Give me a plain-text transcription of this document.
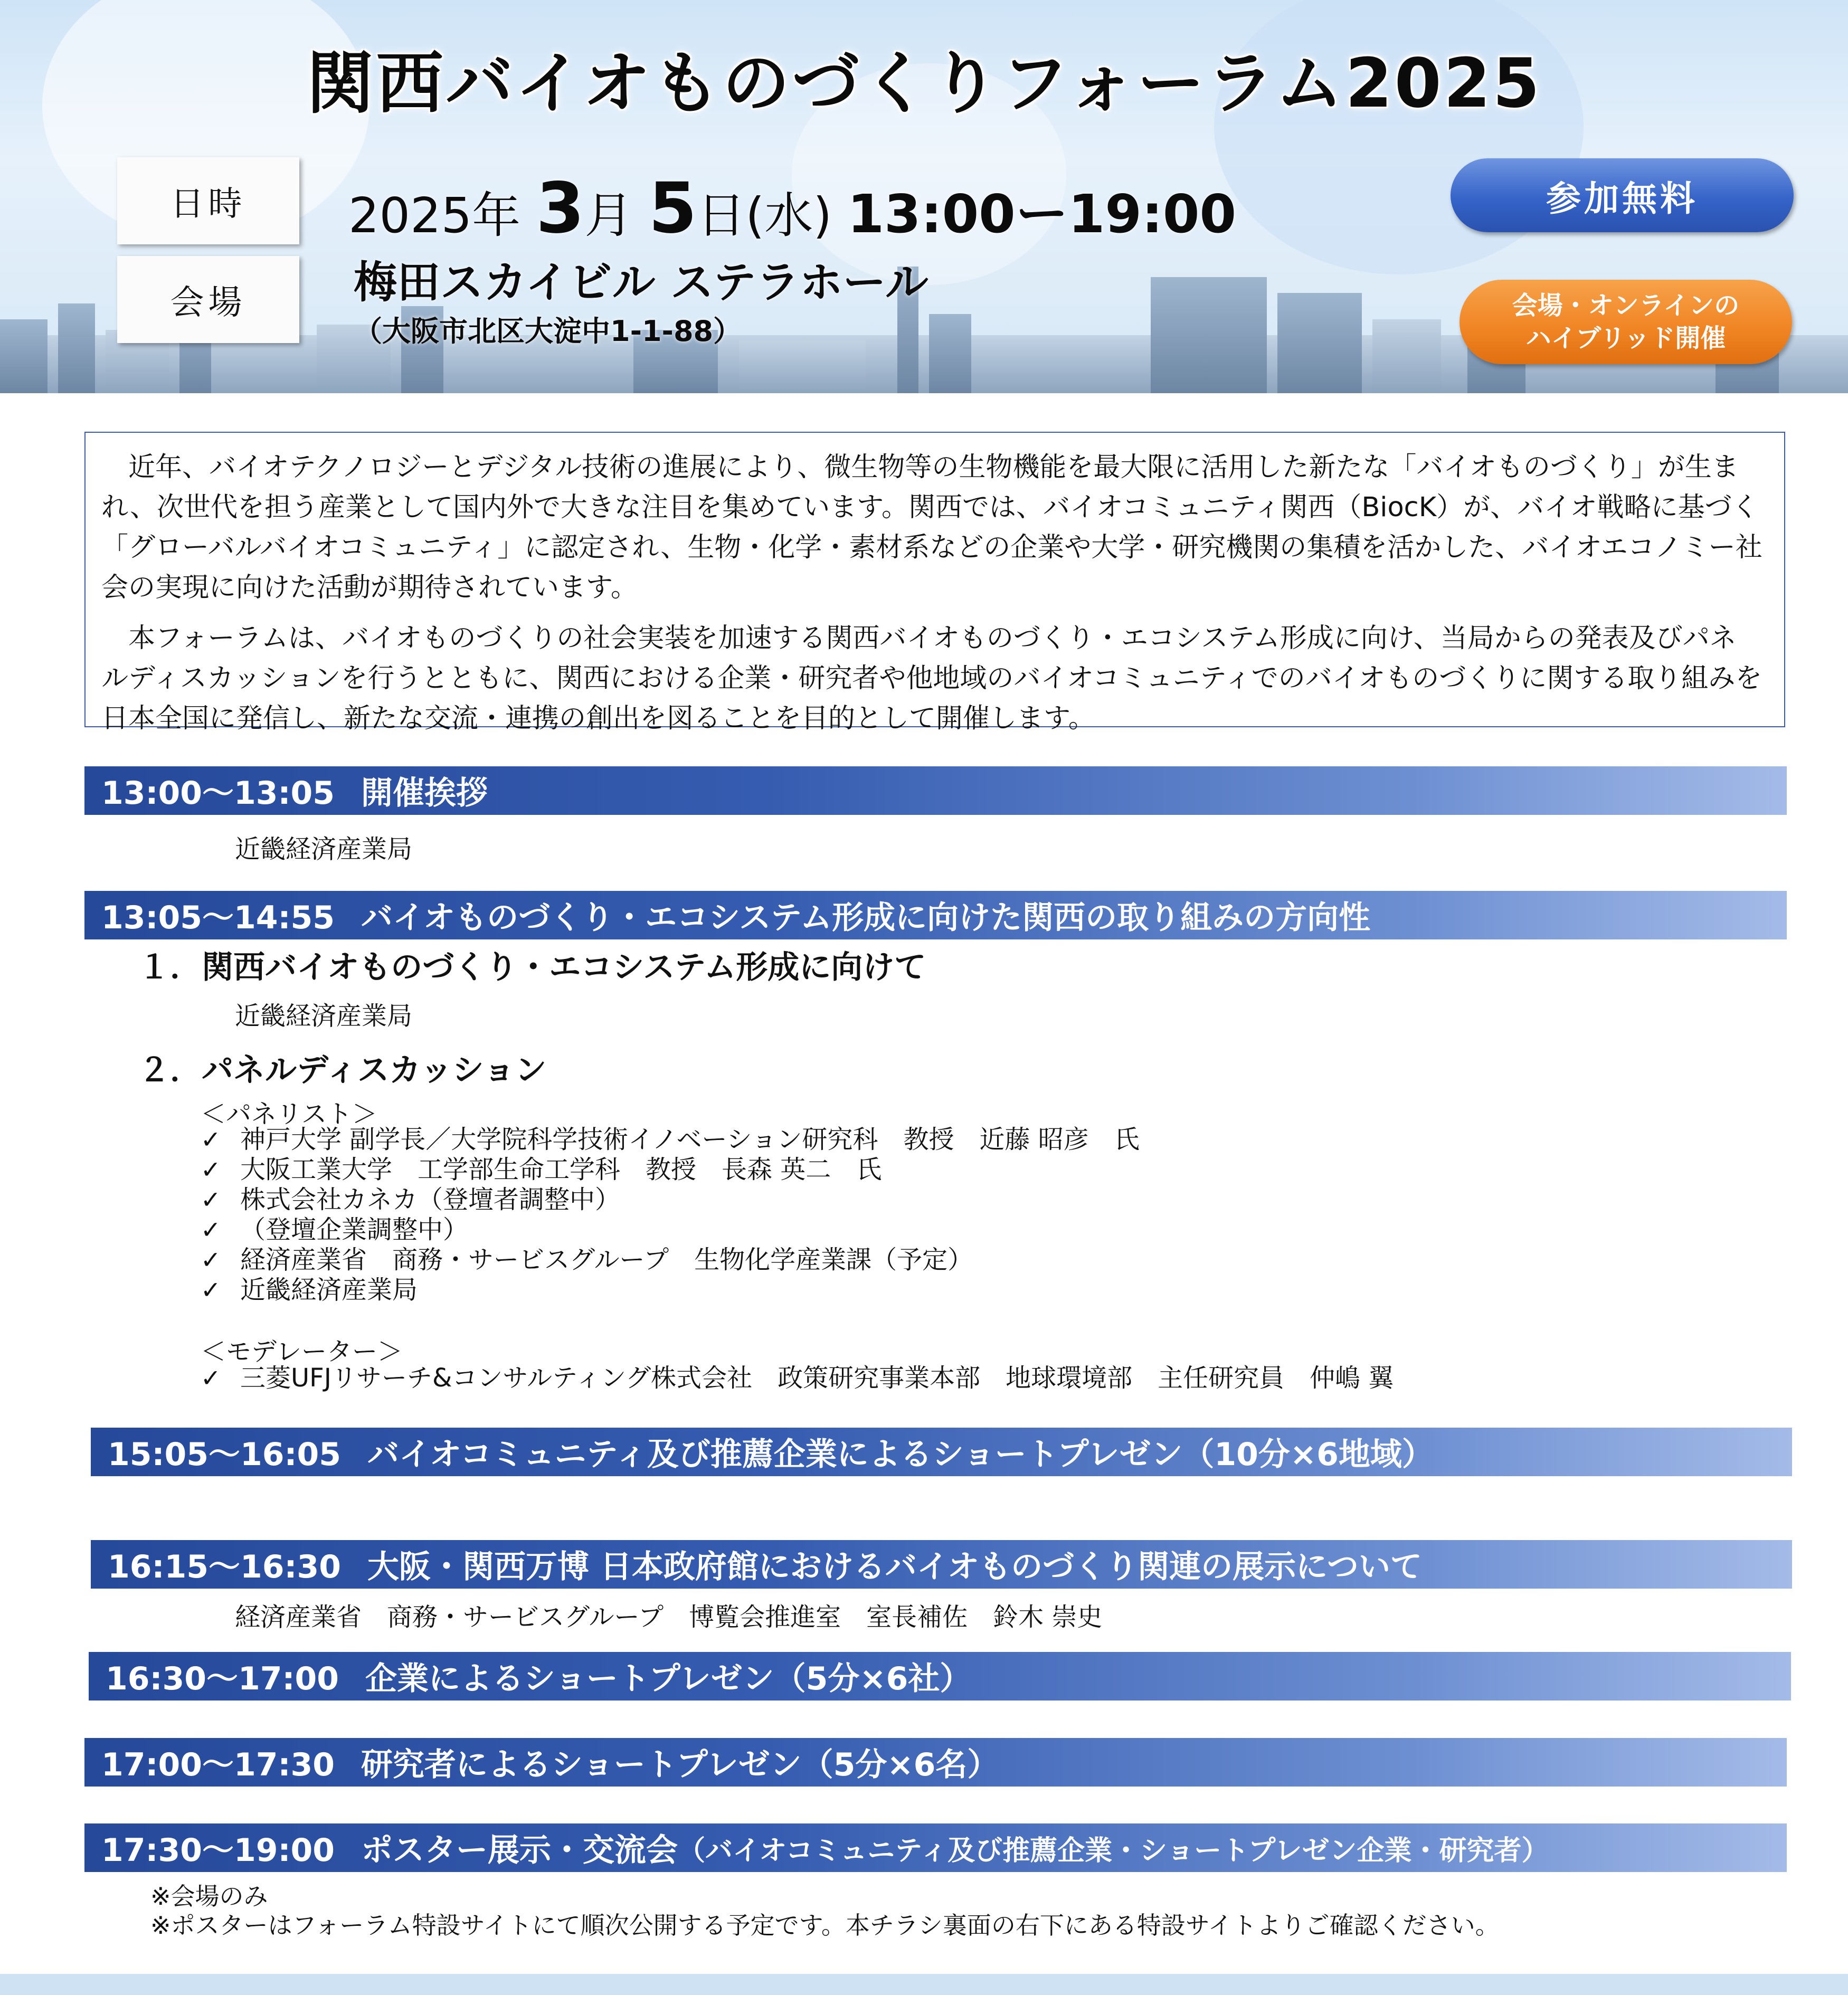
関西バイオものづくりフォーラム2025
日時
会場
2025年 3月 5日(水) 13:00ー19:00
梅田スカイビル ステラホール
（大阪市北区大淀中1-1-88）
参加無料
会場・オンラインの
ハイブリッド開催

近年、バイオテクノロジーとデジタル技術の進展により、微生物等の生物機能を最大限に活用した新たな「バイオものづくり」が生まれ、次世代を担う産業として国内外で大きな注目を集めています。関西では、バイオコミュニティ関西（BiocK）が、バイオ戦略に基づく「グローバルバイオコミュニティ」に認定され、生物・化学・素材系などの企業や大学・研究機関の集積を活かした、バイオエコノミー社会の実現に向けた活動が期待されています。

本フォーラムは、バイオものづくりの社会実装を加速する関西バイオものづくり・エコシステム形成に向け、当局からの発表及びパネルディスカッションを行うとともに、関西における企業・研究者や他地域のバイオコミュニティでのバイオものづくりに関する取り組みを日本全国に発信し、新たな交流・連携の創出を図ることを目的として開催します。

13:00〜13:05 開催挨拶
近畿経済産業局
13:05〜14:55 バイオものづくり・エコシステム形成に向けた関西の取り組みの方向性
１．関西バイオものづくり・エコシステム形成に向けて
近畿経済産業局
２．パネルディスカッション
＜パネリスト＞
✓ 神戸大学 副学長／大学院科学技術イノベーション研究科　教授　近藤 昭彦　氏
✓ 大阪工業大学　工学部生命工学科　教授　長森 英二　氏
✓ 株式会社カネカ（登壇者調整中）
✓ （登壇企業調整中）
✓ 経済産業省　商務・サービスグループ　生物化学産業課（予定）
✓ 近畿経済産業局
＜モデレーター＞
✓ 三菱UFJリサーチ&コンサルティング株式会社　政策研究事業本部　地球環境部　主任研究員　仲嶋 翼
15:05〜16:05 バイオコミュニティ及び推薦企業によるショートプレゼン（10分×6地域）
16:15〜16:30 大阪・関西万博 日本政府館におけるバイオものづくり関連の展示について
経済産業省　商務・サービスグループ　博覧会推進室　室長補佐　鈴木 崇史
16:30〜17:00 企業によるショートプレゼン（5分×6社）
17:00〜17:30 研究者によるショートプレゼン（5分×6名）
17:30〜19:00 ポスター展示・交流会 （バイオコミュニティ及び推薦企業・ショートプレゼン企業・研究者）
※会場のみ
※ポスターはフォーラム特設サイトにて順次公開する予定です。本チラシ裏面の右下にある特設サイトよりご確認ください。
